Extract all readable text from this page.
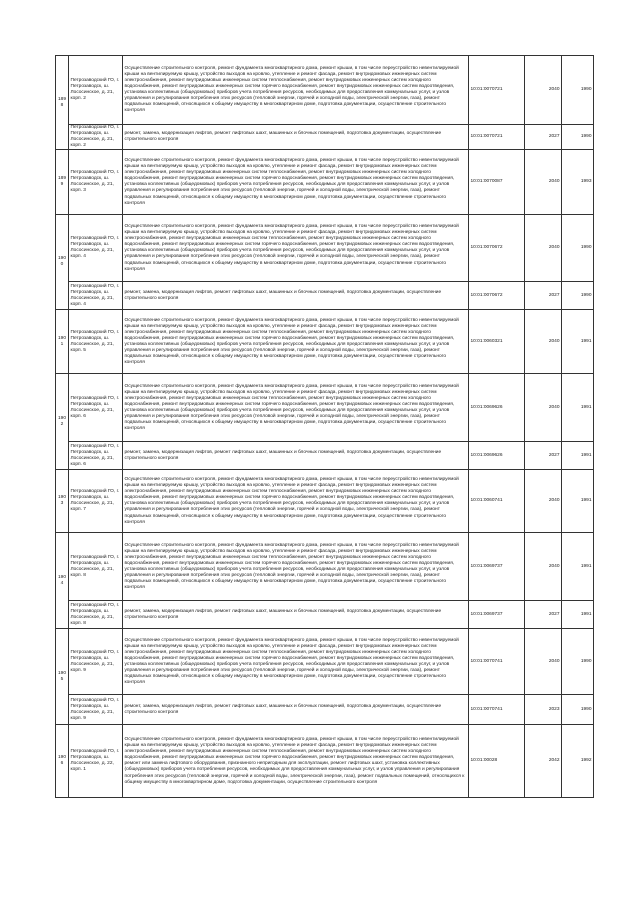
1898	Петрозаводский ГО, г. Петрозаводск, ш. Лососинское, д. 21, корп. 2	Осуществление строительного контроля, ремонт фундамента многоквартирного дома, ремонт крыши, в том числе переустройство невентилируемой крыши на вентилируемую крышу, устройство выходов на кровлю, утепление и ремонт фасада, ремонт внутридомовых инженерных систем электроснабжения, ремонт внутридомовых инженерных систем теплоснабжения, ремонт внутридомовых инженерных систем холодного водоснабжения, ремонт внутридомовых инженерных систем горячего водоснабжения, ремонт внутридомовых инженерных систем водоотведения, установка коллективных (общедомовых) приборов учета потребления ресурсов, необходимых для предоставления коммунальных услуг, и узлов управления и регулирования потребления этих ресурсов (тепловой энергии, горячей и холодной воды, электрической энергии, газа), ремонт подвальных помещений, относящихся к общему имуществу в многоквартирном доме, подготовка документации, осуществление строительного контроля	10:01:0070721	2040	1990
	Петрозаводский ГО, г. Петрозаводск, ш. Лососинское, д. 21, корп. 2	ремонт, замена, модернизация лифтов, ремонт лифтовых шахт, машинных и блочных помещений, подготовка документации, осуществление строительного контроля	10:01:0070721	2027	1990
1899	Петрозаводский ГО, г. Петрозаводск, ш. Лососинское, д. 21, корп. 3	Осуществление строительного контроля, ремонт фундамента многоквартирного дома, ремонт крыши, в том числе переустройство невентилируемой крыши на вентилируемую крышу, устройство выходов на кровлю, утепление и ремонт фасада, ремонт внутридомовых инженерных систем электроснабжения, ремонт внутридомовых инженерных систем теплоснабжения, ремонт внутридомовых инженерных систем холодного водоснабжения, ремонт внутридомовых инженерных систем горячего водоснабжения, ремонт внутридомовых инженерных систем водоотведения, установка коллективных (общедомовых) приборов учета потребления ресурсов, необходимых для предоставления коммунальных услуг, и узлов управления и регулирования потребления этих ресурсов (тепловой энергии, горячей и холодной воды, электрической энергии, газа), ремонт подвальных помещений, относящихся к общему имуществу в многоквартирном доме, подготовка документации, осуществление строительного контроля	10:01:0070087	2040	1993
1900	Петрозаводский ГО, г. Петрозаводск, ш. Лососинское, д. 21, корп. 4	Осуществление строительного контроля, ремонт фундамента многоквартирного дома, ремонт крыши, в том числе переустройство невентилируемой крыши на вентилируемую крышу, устройство выходов на кровлю, утепление и ремонт фасада, ремонт внутридомовых инженерных систем электроснабжения, ремонт внутридомовых инженерных систем теплоснабжения, ремонт внутридомовых инженерных систем холодного водоснабжения, ремонт внутридомовых инженерных систем горячего водоснабжения, ремонт внутридомовых инженерных систем водоотведения, установка коллективных (общедомовых) приборов учета потребления ресурсов, необходимых для предоставления коммунальных услуг, и узлов управления и регулирования потребления этих ресурсов (тепловой энергии, горячей и холодной воды, электрической энергии, газа), ремонт подвальных помещений, относящихся к общему имуществу в многоквартирном доме, подготовка документации, осуществление строительного контроля	10:01:0070672	2040	1990
	Петрозаводский ГО, г. Петрозаводск, ш. Лососинское, д. 21, корп. 4	ремонт, замена, модернизация лифтов, ремонт лифтовых шахт, машинных и блочных помещений, подготовка документации, осуществление строительного контроля	10:01:0070672	2027	1990
1901	Петрозаводский ГО, г. Петрозаводск, ш. Лососинское, д. 21, корп. 5	Осуществление строительного контроля, ремонт фундамента многоквартирного дома, ремонт крыши, в том числе переустройство невентилируемой крыши на вентилируемую крышу, устройство выходов на кровлю, утепление и ремонт фасада, ремонт внутридомовых инженерных систем электроснабжения, ремонт внутридомовых инженерных систем теплоснабжения, ремонт внутридомовых инженерных систем холодного водоснабжения, ремонт внутридомовых инженерных систем горячего водоснабжения, ремонт внутридомовых инженерных систем водоотведения, установка коллективных (общедомовых) приборов учета потребления ресурсов, необходимых для предоставления коммунальных услуг, и узлов управления и регулирования потребления этих ресурсов (тепловой энергии, горячей и холодной воды, электрической энергии, газа), ремонт подвальных помещений, относящихся к общему имуществу в многоквартирном доме, подготовка документации, осуществление строительного контроля	10:01:0060321	2040	1991
1902	Петрозаводский ГО, г. Петрозаводск, ш. Лососинское, д. 21, корп. 6	Осуществление строительного контроля, ремонт фундамента многоквартирного дома, ремонт крыши, в том числе переустройство невентилируемой крыши на вентилируемую крышу, устройство выходов на кровлю, утепление и ремонт фасада, ремонт внутридомовых инженерных систем электроснабжения, ремонт внутридомовых инженерных систем теплоснабжения, ремонт внутридомовых инженерных систем холодного водоснабжения, ремонт внутридомовых инженерных систем горячего водоснабжения, ремонт внутридомовых инженерных систем водоотведения, установка коллективных (общедомовых) приборов учета потребления ресурсов, необходимых для предоставления коммунальных услуг, и узлов управления и регулирования потребления этих ресурсов (тепловой энергии, горячей и холодной воды, электрической энергии, газа), ремонт подвальных помещений, относящихся к общему имуществу в многоквартирном доме, подготовка документации, осуществление строительного контроля	10:01:0069626	2040	1991
	Петрозаводский ГО, г. Петрозаводск, ш. Лососинское, д. 21, корп. 6	ремонт, замена, модернизация лифтов, ремонт лифтовых шахт, машинных и блочных помещений, подготовка документации, осуществление строительного контроля	10:01:0069626	2027	1991
1903	Петрозаводский ГО, г. Петрозаводск, ш. Лососинское, д. 21, корп. 7	Осуществление строительного контроля, ремонт фундамента многоквартирного дома, ремонт крыши, в том числе переустройство невентилируемой крыши на вентилируемую крышу, устройство выходов на кровлю, утепление и ремонт фасада, ремонт внутридомовых инженерных систем электроснабжения, ремонт внутридомовых инженерных систем теплоснабжения, ремонт внутридомовых инженерных систем холодного водоснабжения, ремонт внутридомовых инженерных систем горячего водоснабжения, ремонт внутридомовых инженерных систем водоотведения, установка коллективных (общедомовых) приборов учета потребления ресурсов, необходимых для предоставления коммунальных услуг, и узлов управления и регулирования потребления этих ресурсов (тепловой энергии, горячей и холодной воды, электрической энергии, газа), ремонт подвальных помещений, относящихся к общему имуществу в многоквартирном доме, подготовка документации, осуществление строительного контроля	10:01:0060741	2040	1991
1904	Петрозаводский ГО, г. Петрозаводск, ш. Лососинское, д. 21, корп. 8	Осуществление строительного контроля, ремонт фундамента многоквартирного дома, ремонт крыши, в том числе переустройство невентилируемой крыши на вентилируемую крышу, устройство выходов на кровлю, утепление и ремонт фасада, ремонт внутридомовых инженерных систем электроснабжения, ремонт внутридомовых инженерных систем теплоснабжения, ремонт внутридомовых инженерных систем холодного водоснабжения, ремонт внутридомовых инженерных систем горячего водоснабжения, ремонт внутридомовых инженерных систем водоотведения, установка коллективных (общедомовых) приборов учета потребления ресурсов, необходимых для предоставления коммунальных услуг, и узлов управления и регулирования потребления этих ресурсов (тепловой энергии, горячей и холодной воды, электрической энергии, газа), ремонт подвальных помещений, относящихся к общему имуществу в многоквартирном доме, подготовка документации, осуществление строительного контроля	10:01:0069737	2040	1991
	Петрозаводский ГО, г. Петрозаводск, ш. Лососинское, д. 21, корп. 8	ремонт, замена, модернизация лифтов, ремонт лифтовых шахт, машинных и блочных помещений, подготовка документации, осуществление строительного контроля	10:01:0069737	2027	1991
1905	Петрозаводский ГО, г. Петрозаводск, ш. Лососинское, д. 21, корп. 9	Осуществление строительного контроля, ремонт фундамента многоквартирного дома, ремонт крыши, в том числе переустройство невентилируемой крыши на вентилируемую крышу, устройство выходов на кровлю, утепление и ремонт фасада, ремонт внутридомовых инженерных систем электроснабжения, ремонт внутридомовых инженерных систем теплоснабжения, ремонт внутридомовых инженерных систем холодного водоснабжения, ремонт внутридомовых инженерных систем горячего водоснабжения, ремонт внутридомовых инженерных систем водоотведения, установка коллективных (общедомовых) приборов учета потребления ресурсов, необходимых для предоставления коммунальных услуг, и узлов управления и регулирования потребления этих ресурсов (тепловой энергии, горячей и холодной воды, электрической энергии, газа), ремонт подвальных помещений, относящихся к общему имуществу в многоквартирном доме, подготовка документации, осуществление строительного контроля	10:01:0070741	2040	1990
	Петрозаводский ГО, г. Петрозаводск, ш. Лососинское, д. 21, корп. 9	ремонт, замена, модернизация лифтов, ремонт лифтовых шахт, машинных и блочных помещений, подготовка документации, осуществление строительного контроля	10:01:0070741	2023	1990
1906	Петрозаводский ГО, г. Петрозаводск, ш. Лососинское, д. 22, корп. 1	Осуществление строительного контроля, ремонт фундамента многоквартирного дома, ремонт крыши, в том числе переустройство невентилируемой крыши на вентилируемую крышу, устройство выходов на кровлю, утепление и ремонт фасада, ремонт внутридомовых инженерных систем электроснабжения, ремонт внутридомовых инженерных систем теплоснабжения, ремонт внутридомовых инженерных систем холодного водоснабжения, ремонт внутридомовых инженерных систем горячего водоснабжения, ремонт внутридомовых инженерных систем водоотведения, ремонт или замена лифтового оборудования, признанного непригодным для эксплуатации, ремонт лифтовых шахт, установка коллективных (общедомовых) приборов учета потребления ресурсов, необходимых для предоставления коммунальных услуг, и узлов управления и регулирования потребления этих ресурсов (тепловой энергии, горячей и холодной воды, электрической энергии, газа), ремонт подвальных помещений, относящихся к общему имуществу в многоквартирном доме, подготовка документации, осуществление строительного контроля	10:01:00028	2042	1992
